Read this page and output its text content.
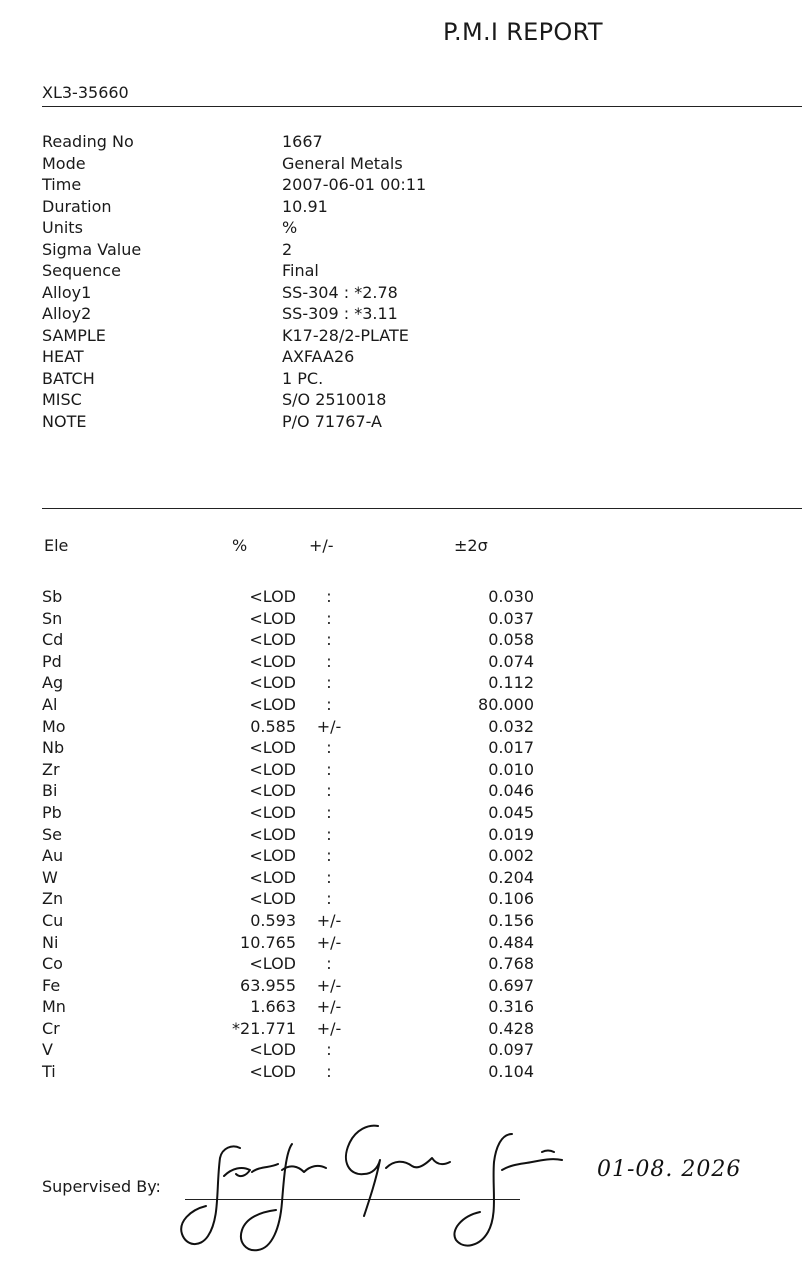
P.M.I REPORT
XL3-35660
Reading No	1667
Mode	General Metals
Time	2007-06-01 00:11
Duration	10.91
Units	%
Sigma Value	2
Sequence	Final
Alloy1	SS-304 : *2.78
Alloy2	SS-309 : *3.11
SAMPLE	K17-28/2-PLATE
HEAT	AXFAA26
BATCH	1 PC.
MISC	S/O 2510018
NOTE	P/O 71767-A
Ele	%	+/-	±2σ
Sb	<LOD	:	0.030
Sn	<LOD	:	0.037
Cd	<LOD	:	0.058
Pd	<LOD	:	0.074
Ag	<LOD	:	0.112
Al	<LOD	:	80.000
Mo	0.585	+/-	0.032
Nb	<LOD	:	0.017
Zr	<LOD	:	0.010
Bi	<LOD	:	0.046
Pb	<LOD	:	0.045
Se	<LOD	:	0.019
Au	<LOD	:	0.002
W	<LOD	:	0.204
Zn	<LOD	:	0.106
Cu	0.593	+/-	0.156
Ni	10.765	+/-	0.484
Co	<LOD	:	0.768
Fe	63.955	+/-	0.697
Mn	1.663	+/-	0.316
Cr	*21.771	+/-	0.428
V	<LOD	:	0.097
Ti	<LOD	:	0.104
Supervised By:
01-08. 2026
